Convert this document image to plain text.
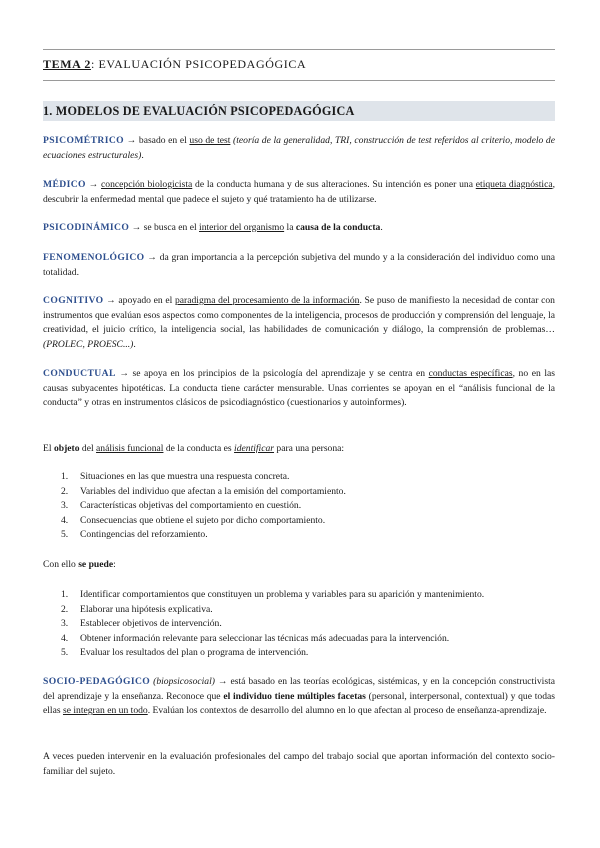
TEMA 2: EVALUACIÓN PSICOPEDAGÓGICA
1. MODELOS DE EVALUACIÓN PSICOPEDAGÓGICA
PSICOMÉTRICO → basado en el uso de test (teoría de la generalidad, TRI, construcción de test referidos al criterio, modelo de ecuaciones estructurales).
MÉDICO → concepción biologicista de la conducta humana y de sus alteraciones. Su intención es poner una etiqueta diagnóstica, descubrir la enfermedad mental que padece el sujeto y qué tratamiento ha de utilizarse.
PSICODINÁMICO → se busca en el interior del organismo la causa de la conducta.
FENOMENOLÓGICO → da gran importancia a la percepción subjetiva del mundo y a la consideración del individuo como una totalidad.
COGNITIVO → apoyado en el paradigma del procesamiento de la información. Se puso de manifiesto la necesidad de contar con instrumentos que evalúan esos aspectos como componentes de la inteligencia, procesos de producción y comprensión del lenguaje, la creatividad, el juicio crítico, la inteligencia social, las habilidades de comunicación y diálogo, la comprensión de problemas… (PROLEC, PROESC...).
CONDUCTUAL → se apoya en los principios de la psicología del aprendizaje y se centra en conductas específicas, no en las causas subyacentes hipotéticas. La conducta tiene carácter mensurable. Unas corrientes se apoyan en el “análisis funcional de la conducta” y otras en instrumentos clásicos de psicodiagnóstico (cuestionarios y autoinformes).
El objeto del análisis funcional de la conducta es identificar para una persona:
1. Situaciones en las que muestra una respuesta concreta.
2. Variables del individuo que afectan a la emisión del comportamiento.
3. Características objetivas del comportamiento en cuestión.
4. Consecuencias que obtiene el sujeto por dicho comportamiento.
5. Contingencias del reforzamiento.
Con ello se puede:
1. Identificar comportamientos que constituyen un problema y variables para su aparición y mantenimiento.
2. Elaborar una hipótesis explicativa.
3. Establecer objetivos de intervención.
4. Obtener información relevante para seleccionar las técnicas más adecuadas para la intervención.
5. Evaluar los resultados del plan o programa de intervención.
SOCIO-PEDAGÓGICO (biopsicosocial) → está basado en las teorías ecológicas, sistémicas, y en la concepción constructivista del aprendizaje y la enseñanza. Reconoce que el individuo tiene múltiples facetas (personal, interpersonal, contextual) y que todas ellas se integran en un todo. Evalúan los contextos de desarrollo del alumno en lo que afectan al proceso de enseñanza-aprendizaje.
A veces pueden intervenir en la evaluación profesionales del campo del trabajo social que aportan información del contexto socio-familiar del sujeto.
